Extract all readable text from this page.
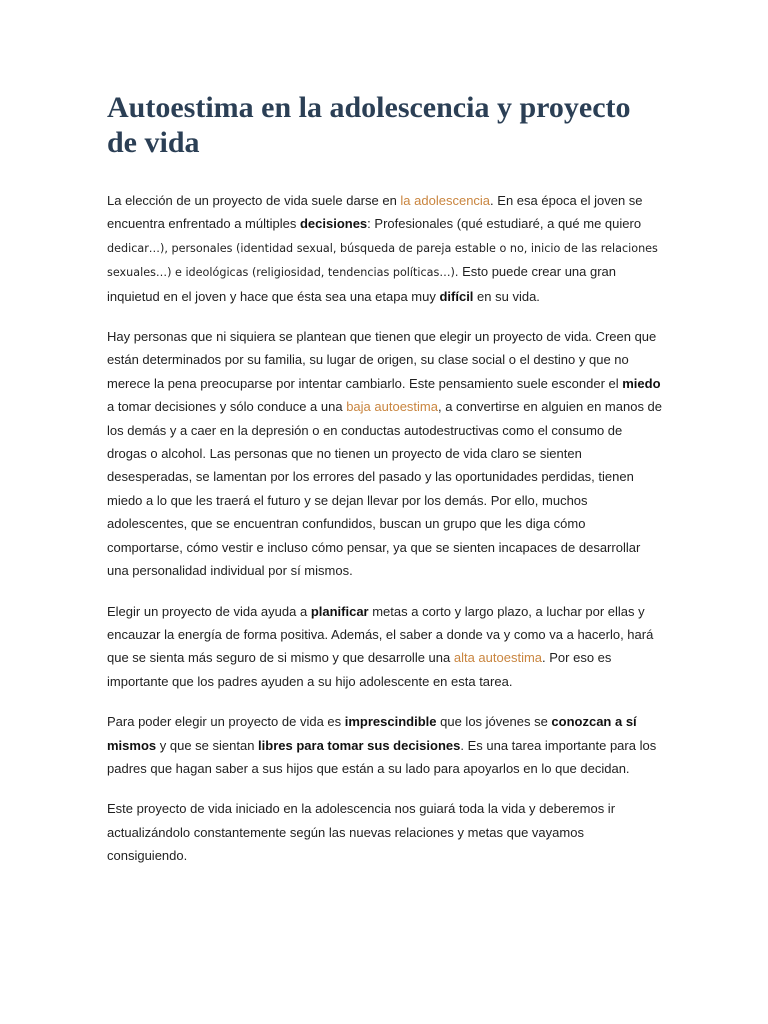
Autoestima en la adolescencia y proyecto de vida

La elección de un proyecto de vida suele darse en la adolescencia. En esa época el joven se encuentra enfrentado a múltiples decisiones: Profesionales (qué estudiaré, a qué me quiero dedicar…), personales (identidad sexual, búsqueda de pareja estable o no, inicio de las relaciones sexuales…) e ideológicas (religiosidad, tendencias políticas…). Esto puede crear una gran inquietud en el joven y hace que ésta sea una etapa muy difícil en su vida.

Hay personas que ni siquiera se plantean que tienen que elegir un proyecto de vida. Creen que están determinados por su familia, su lugar de origen, su clase social o el destino y que no merece la pena preocuparse por intentar cambiarlo. Este pensamiento suele esconder el miedo a tomar decisiones y sólo conduce a una baja autoestima, a convertirse en alguien en manos de los demás y a caer en la depresión o en conductas autodestructivas como el consumo de drogas o alcohol. Las personas que no tienen un proyecto de vida claro se sienten desesperadas, se lamentan por los errores del pasado y las oportunidades perdidas, tienen miedo a lo que les traerá el futuro y se dejan llevar por los demás. Por ello, muchos adolescentes, que se encuentran confundidos, buscan un grupo que les diga cómo comportarse, cómo vestir e incluso cómo pensar, ya que se sienten incapaces de desarrollar una personalidad individual por sí mismos.

Elegir un proyecto de vida ayuda a planificar metas a corto y largo plazo, a luchar por ellas y encauzar la energía de forma positiva. Además, el saber a donde va y como va a hacerlo, hará que se sienta más seguro de si mismo y que desarrolle una alta autoestima. Por eso es importante que los padres ayuden a su hijo adolescente en esta tarea.

Para poder elegir un proyecto de vida es imprescindible que los jóvenes se conozcan a sí mismos y que se sientan libres para tomar sus decisiones. Es una tarea importante para los padres que hagan saber a sus hijos que están a su lado para apoyarlos en lo que decidan.

Este proyecto de vida iniciado en la adolescencia nos guiará toda la vida y deberemos ir actualizándolo constantemente según las nuevas relaciones y metas que vayamos consiguiendo.
